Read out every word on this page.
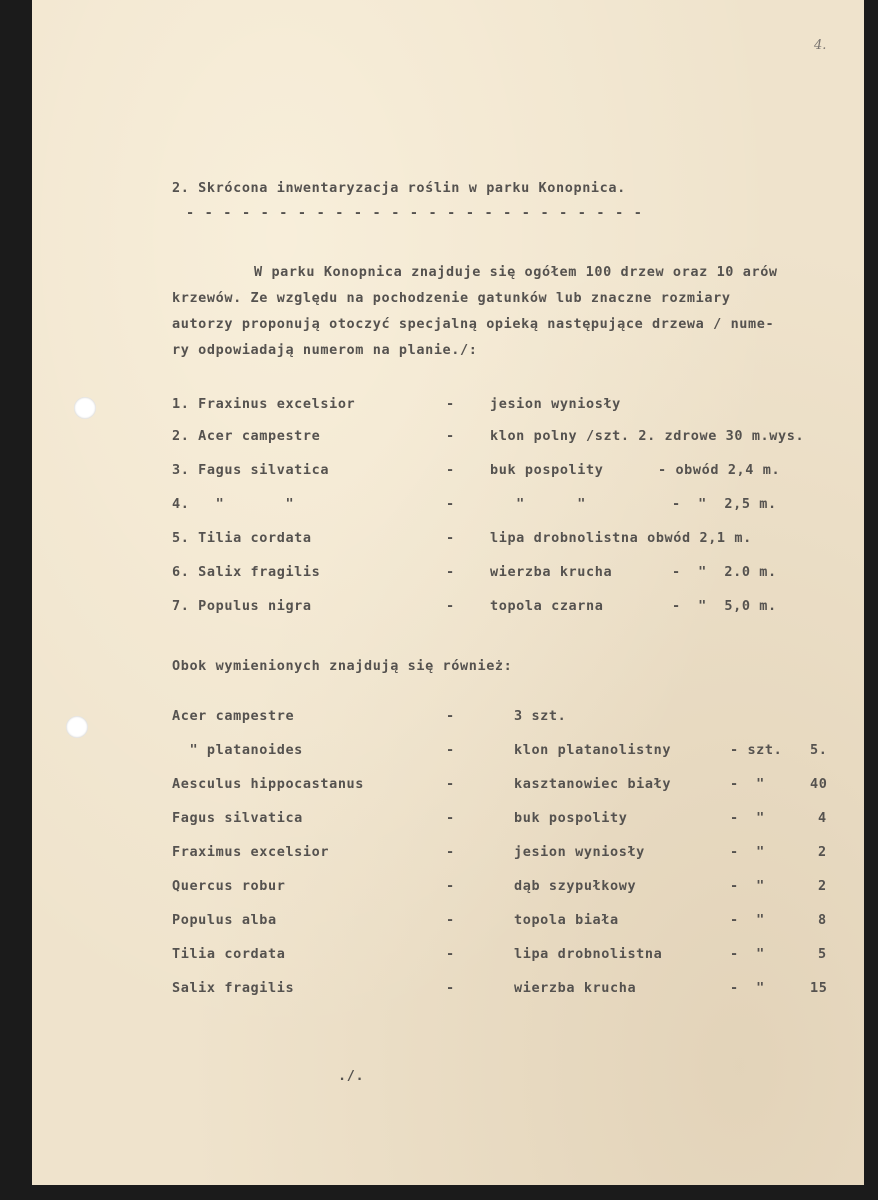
4.
2. Skrócona inwentaryzacja roślin w parku Konopnica.
- - - - - - - - - - - - - - - - - - - - - - - - -
W parku Konopnica znajduje się ogółem 100 drzew oraz 10 arów
krzewów. Ze względu na pochodzenie gatunków lub znaczne rozmiary
autorzy proponują otoczyć specjalną opieką następujące drzewa / nume-
ry odpowiadają numerom na planie./:
1. Fraxinus excelsior	-	jesion wyniosły
2. Acer campestre	-	klon polny /szt. 2. zdrowe 30 m.wys.
3. Fagus silvatica	-	buk pospolity	- obwód 2,4 m.
4.   "       "	-	"      "	-  "  2,5 m.
5. Tilia cordata	-	lipa drobnolistna obwód 2,1 m.
6. Salix fragilis	-	wierzba krucha	-  "  2.0 m.
7. Populus nigra	-	topola czarna	-  "  5,0 m.
Obok wymienionych znajdują się również:
Acer campestre	-	3 szt.
" platanoides	-	klon platanolistny	- szt. 5.
Aesculus hippocastanus	-	kasztanowiec biały	-  "	40
Fagus silvatica	-	buk pospolity	-  "	4
Fraximus excelsior	-	jesion wyniosły	-  "	2
Quercus robur	-	dąb szypułkowy	-  "	2
Populus alba	-	topola biała	-  "	8
Tilia cordata	-	lipa drobnolistna	-  "	5
Salix fragilis	-	wierzba krucha	-  "	15
./.
